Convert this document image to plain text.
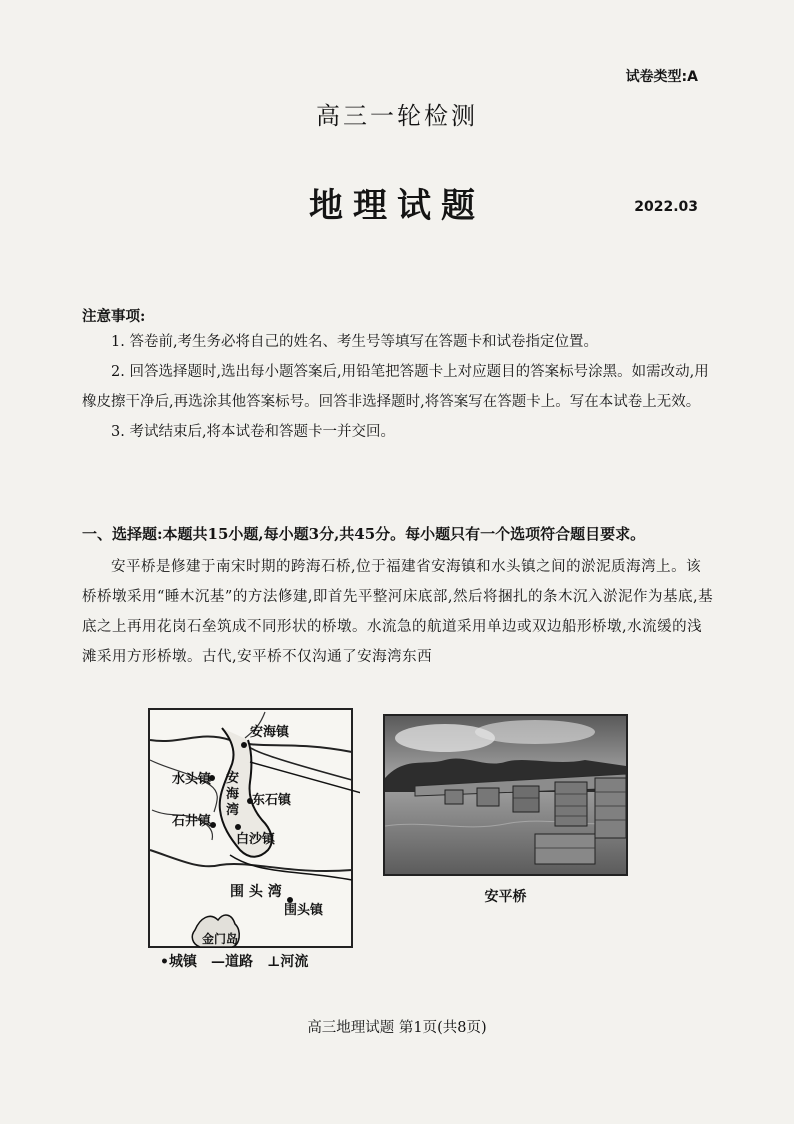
试卷类型:A
高三一轮检测
地理试题	2022.03
注意事项:

1. 答卷前,考生务必将自己的姓名、考生号等填写在答题卡和试卷指定位置。

2. 回答选择题时,选出每小题答案后,用铅笔把答题卡上对应题目的答案标号涂黑。如需改动,用橡皮擦干净后,再选涂其他答案标号。回答非选择题时,将答案写在答题卡上。写在本试卷上无效。

3. 考试结束后,将本试卷和答题卡一并交回。

一、选择题:本题共15小题,每小题3分,共45分。每小题只有一个选项符合题目要求。

安平桥是修建于南宋时期的跨海石桥,位于福建省安海镇和水头镇之间的淤泥质海湾上。该桥桥墩采用“睡木沉基”的方法修建,即首先平整河床底部,然后将捆扎的条木沉入淤泥作为基底,基底之上再用花岗石垒筑成不同形状的桥墩。水流急的航道采用单边或双边船形桥墩,水流缓的浅滩采用方形桥墩。古代,安平桥不仅沟通了安海湾东西

安海镇
水头镇 安
海
湾
东石镇
石井镇
白沙镇
围 头 湾
围头镇
金门岛
•城镇 —道路 ⊥河流
安平桥
高三地理试题 第1页(共8页)
